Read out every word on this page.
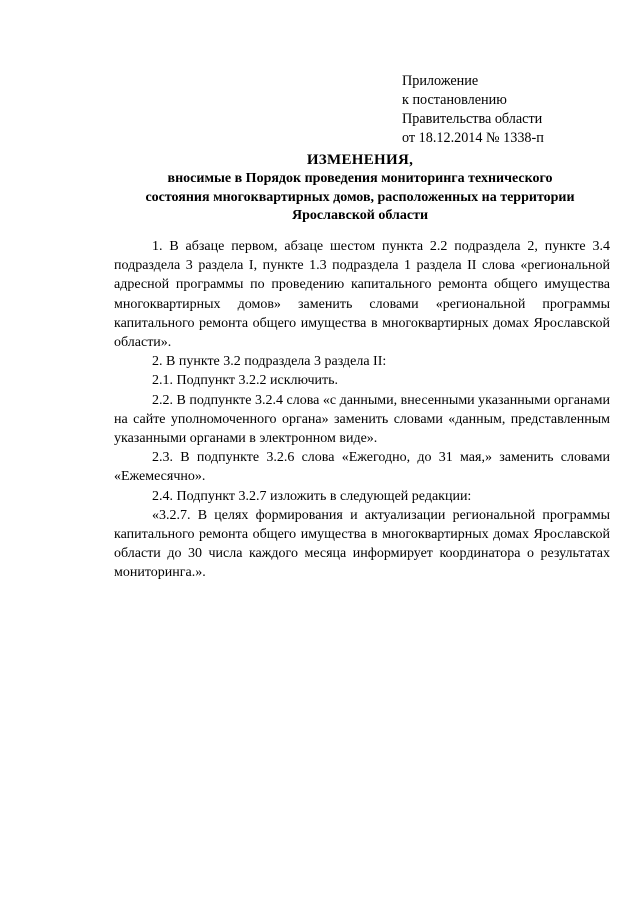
Приложение
к постановлению
Правительства области
от 18.12.2014 № 1338-п
ИЗМЕНЕНИЯ,
вносимые в Порядок проведения мониторинга технического
состояния многоквартирных домов, расположенных на территории
Ярославской области

1. В абзаце первом, абзаце шестом пункта 2.2 подраздела 2, пункте 3.4 подраздела 3 раздела I, пункте 1.3 подраздела 1 раздела II слова «региональной адресной программы по проведению капитального ремонта общего имущества многоквартирных домов» заменить словами «региональной программы капитального ремонта общего имущества в многоквартирных домах Ярославской области».

2. В пункте 3.2 подраздела 3 раздела II:

2.1. Подпункт 3.2.2 исключить.

2.2. В подпункте 3.2.4 слова «с данными, внесенными указанными органами на сайте уполномоченного органа» заменить словами «данным, представленным указанными органами в электронном виде».

2.3. В подпункте 3.2.6 слова «Ежегодно, до 31 мая,» заменить словами «Ежемесячно».

2.4. Подпункт 3.2.7 изложить в следующей редакции:

«3.2.7. В целях формирования и актуализации региональной программы капитального ремонта общего имущества в многоквартирных домах Ярославской области до 30 числа каждого месяца информирует координатора о результатах мониторинга.».
